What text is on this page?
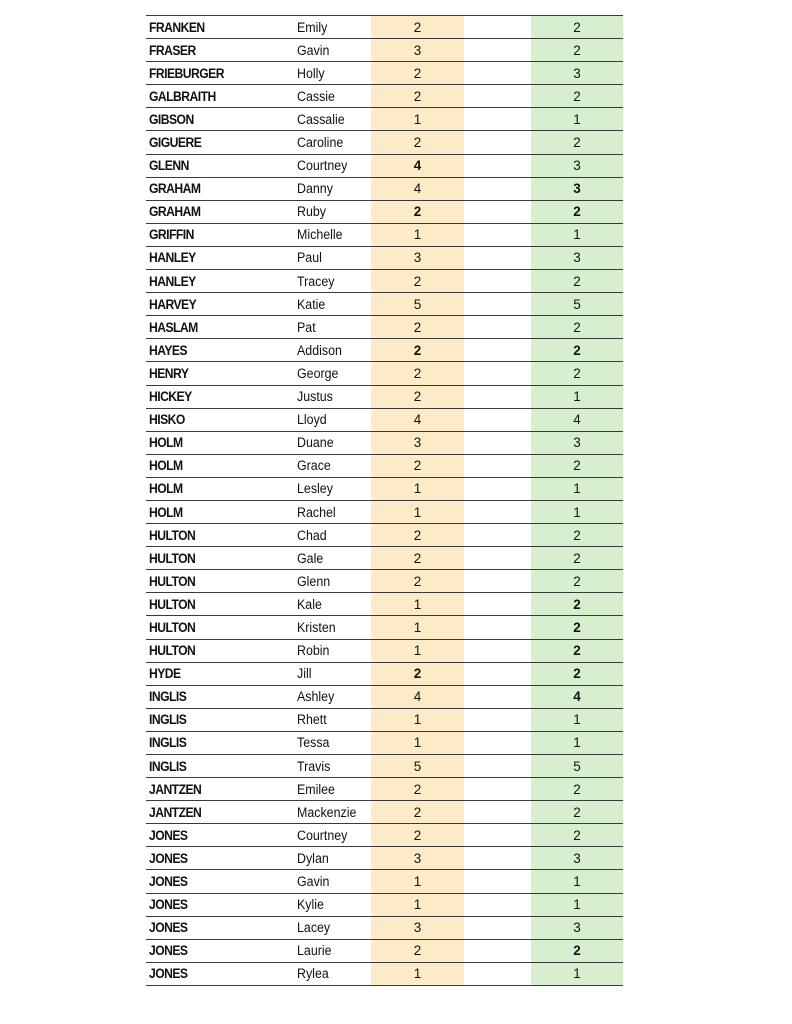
FRANKEN	Emily	2	2
FRASER	Gavin	3	2
FRIEBURGER	Holly	2	3
GALBRAITH	Cassie	2	2
GIBSON	Cassalie	1	1
GIGUERE	Caroline	2	2
GLENN	Courtney	4	3
GRAHAM	Danny	4	3
GRAHAM	Ruby	2	2
GRIFFIN	Michelle	1	1
HANLEY	Paul	3	3
HANLEY	Tracey	2	2
HARVEY	Katie	5	5
HASLAM	Pat	2	2
HAYES	Addison	2	2
HENRY	George	2	2
HICKEY	Justus	2	1
HISKO	Lloyd	4	4
HOLM	Duane	3	3
HOLM	Grace	2	2
HOLM	Lesley	1	1
HOLM	Rachel	1	1
HULTON	Chad	2	2
HULTON	Gale	2	2
HULTON	Glenn	2	2
HULTON	Kale	1	2
HULTON	Kristen	1	2
HULTON	Robin	1	2
HYDE	Jill	2	2
INGLIS	Ashley	4	4
INGLIS	Rhett	1	1
INGLIS	Tessa	1	1
INGLIS	Travis	5	5
JANTZEN	Emilee	2	2
JANTZEN	Mackenzie	2	2
JONES	Courtney	2	2
JONES	Dylan	3	3
JONES	Gavin	1	1
JONES	Kylie	1	1
JONES	Lacey	3	3
JONES	Laurie	2	2
JONES	Rylea	1	1
